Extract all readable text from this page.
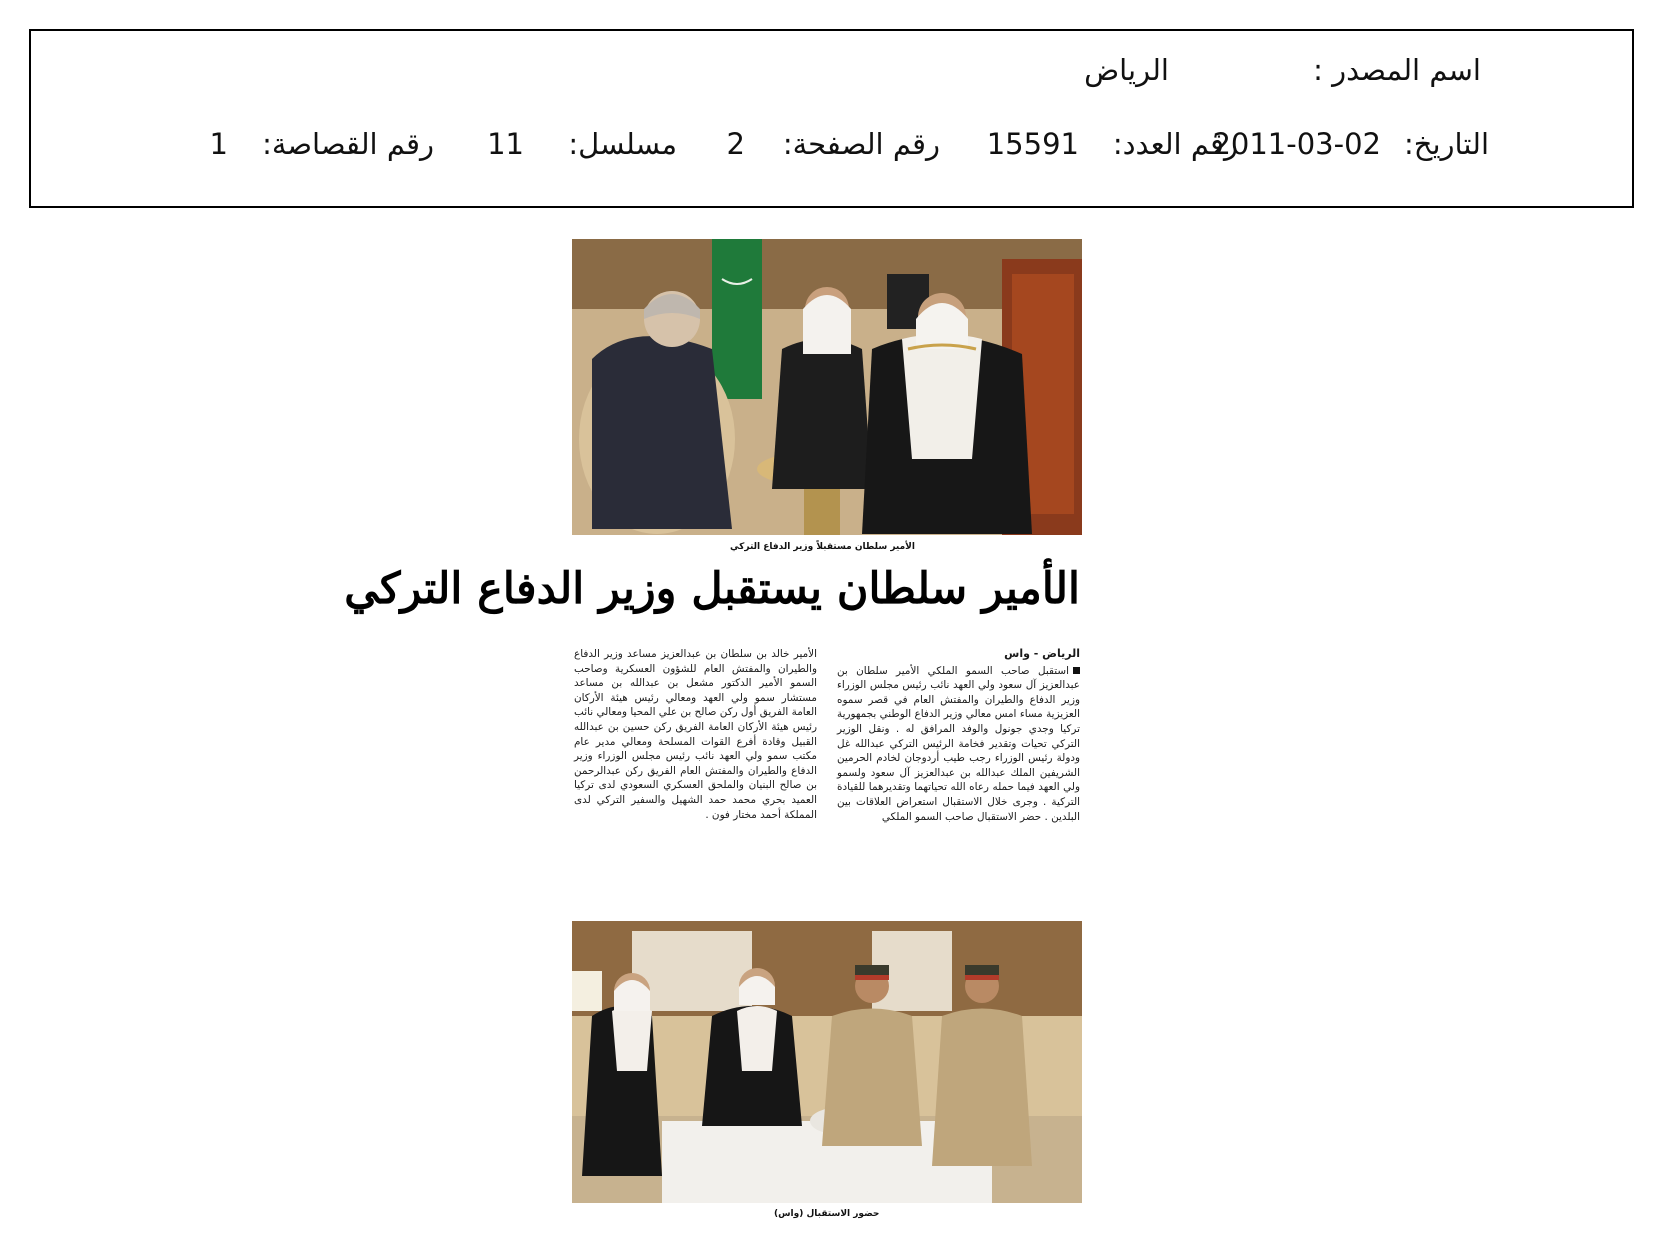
اسم المصدر :
الرياض
التاريخ:
2011-03-02
رقم العدد:
15591
رقم الصفحة:
2
مسلسل:
11
رقم القصاصة:
1
الأمير سلطان مستقبلاً وزير الدفاع التركي
الأمير سلطان يستقبل وزير الدفاع التركي
الرياض - واس
استقبل صاحب السمو الملكي الأمير سلطان بن عبدالعزيز آل سعود ولي العهد نائب رئيس مجلس الوزراء وزير الدفاع والطيران والمفتش العام في قصر سموه العزيزية مساء امس معالي وزير الدفاع الوطني بجمهورية تركيا وجدي جونول والوفد المرافق له . ونقل الوزير التركي تحيات وتقدير فخامة الرئيس التركي عبدالله غل ودولة رئيس الوزراء رجب طيب أردوجان لخادم الحرمين الشريفين الملك عبدالله بن عبدالعزيز آل سعود ولسمو ولي العهد فيما حمله رعاه الله تحياتهما وتقديرهما للقيادة التركية . وجرى خلال الاستقبال استعراض العلاقات بين البلدين . حضر الاستقبال صاحب السمو الملكي
الأمير خالد بن سلطان بن عبدالعزيز مساعد وزير الدفاع والطيران والمفتش العام للشؤون العسكرية وصاحب السمو الأمير الدكتور مشعل بن عبدالله بن مساعد مستشار سمو ولي العهد ومعالي رئيس هيئة الأركان العامة الفريق أول ركن صالح بن علي المحيا ومعالي نائب رئيس هيئة الأركان العامة الفريق ركن حسين بن عبدالله القبيل وقادة أفرع القوات المسلحة ومعالي مدير عام مكتب سمو ولي العهد نائب رئيس مجلس الوزراء وزير الدفاع والطيران والمفتش العام الفريق ركن عبدالرحمن بن صالح البنيان والملحق العسكري السعودي لدى تركيا العميد بحري محمد حمد الشهيل والسفير التركي لدى المملكة أحمد مختار فون .
حضور الاستقبال (واس)
